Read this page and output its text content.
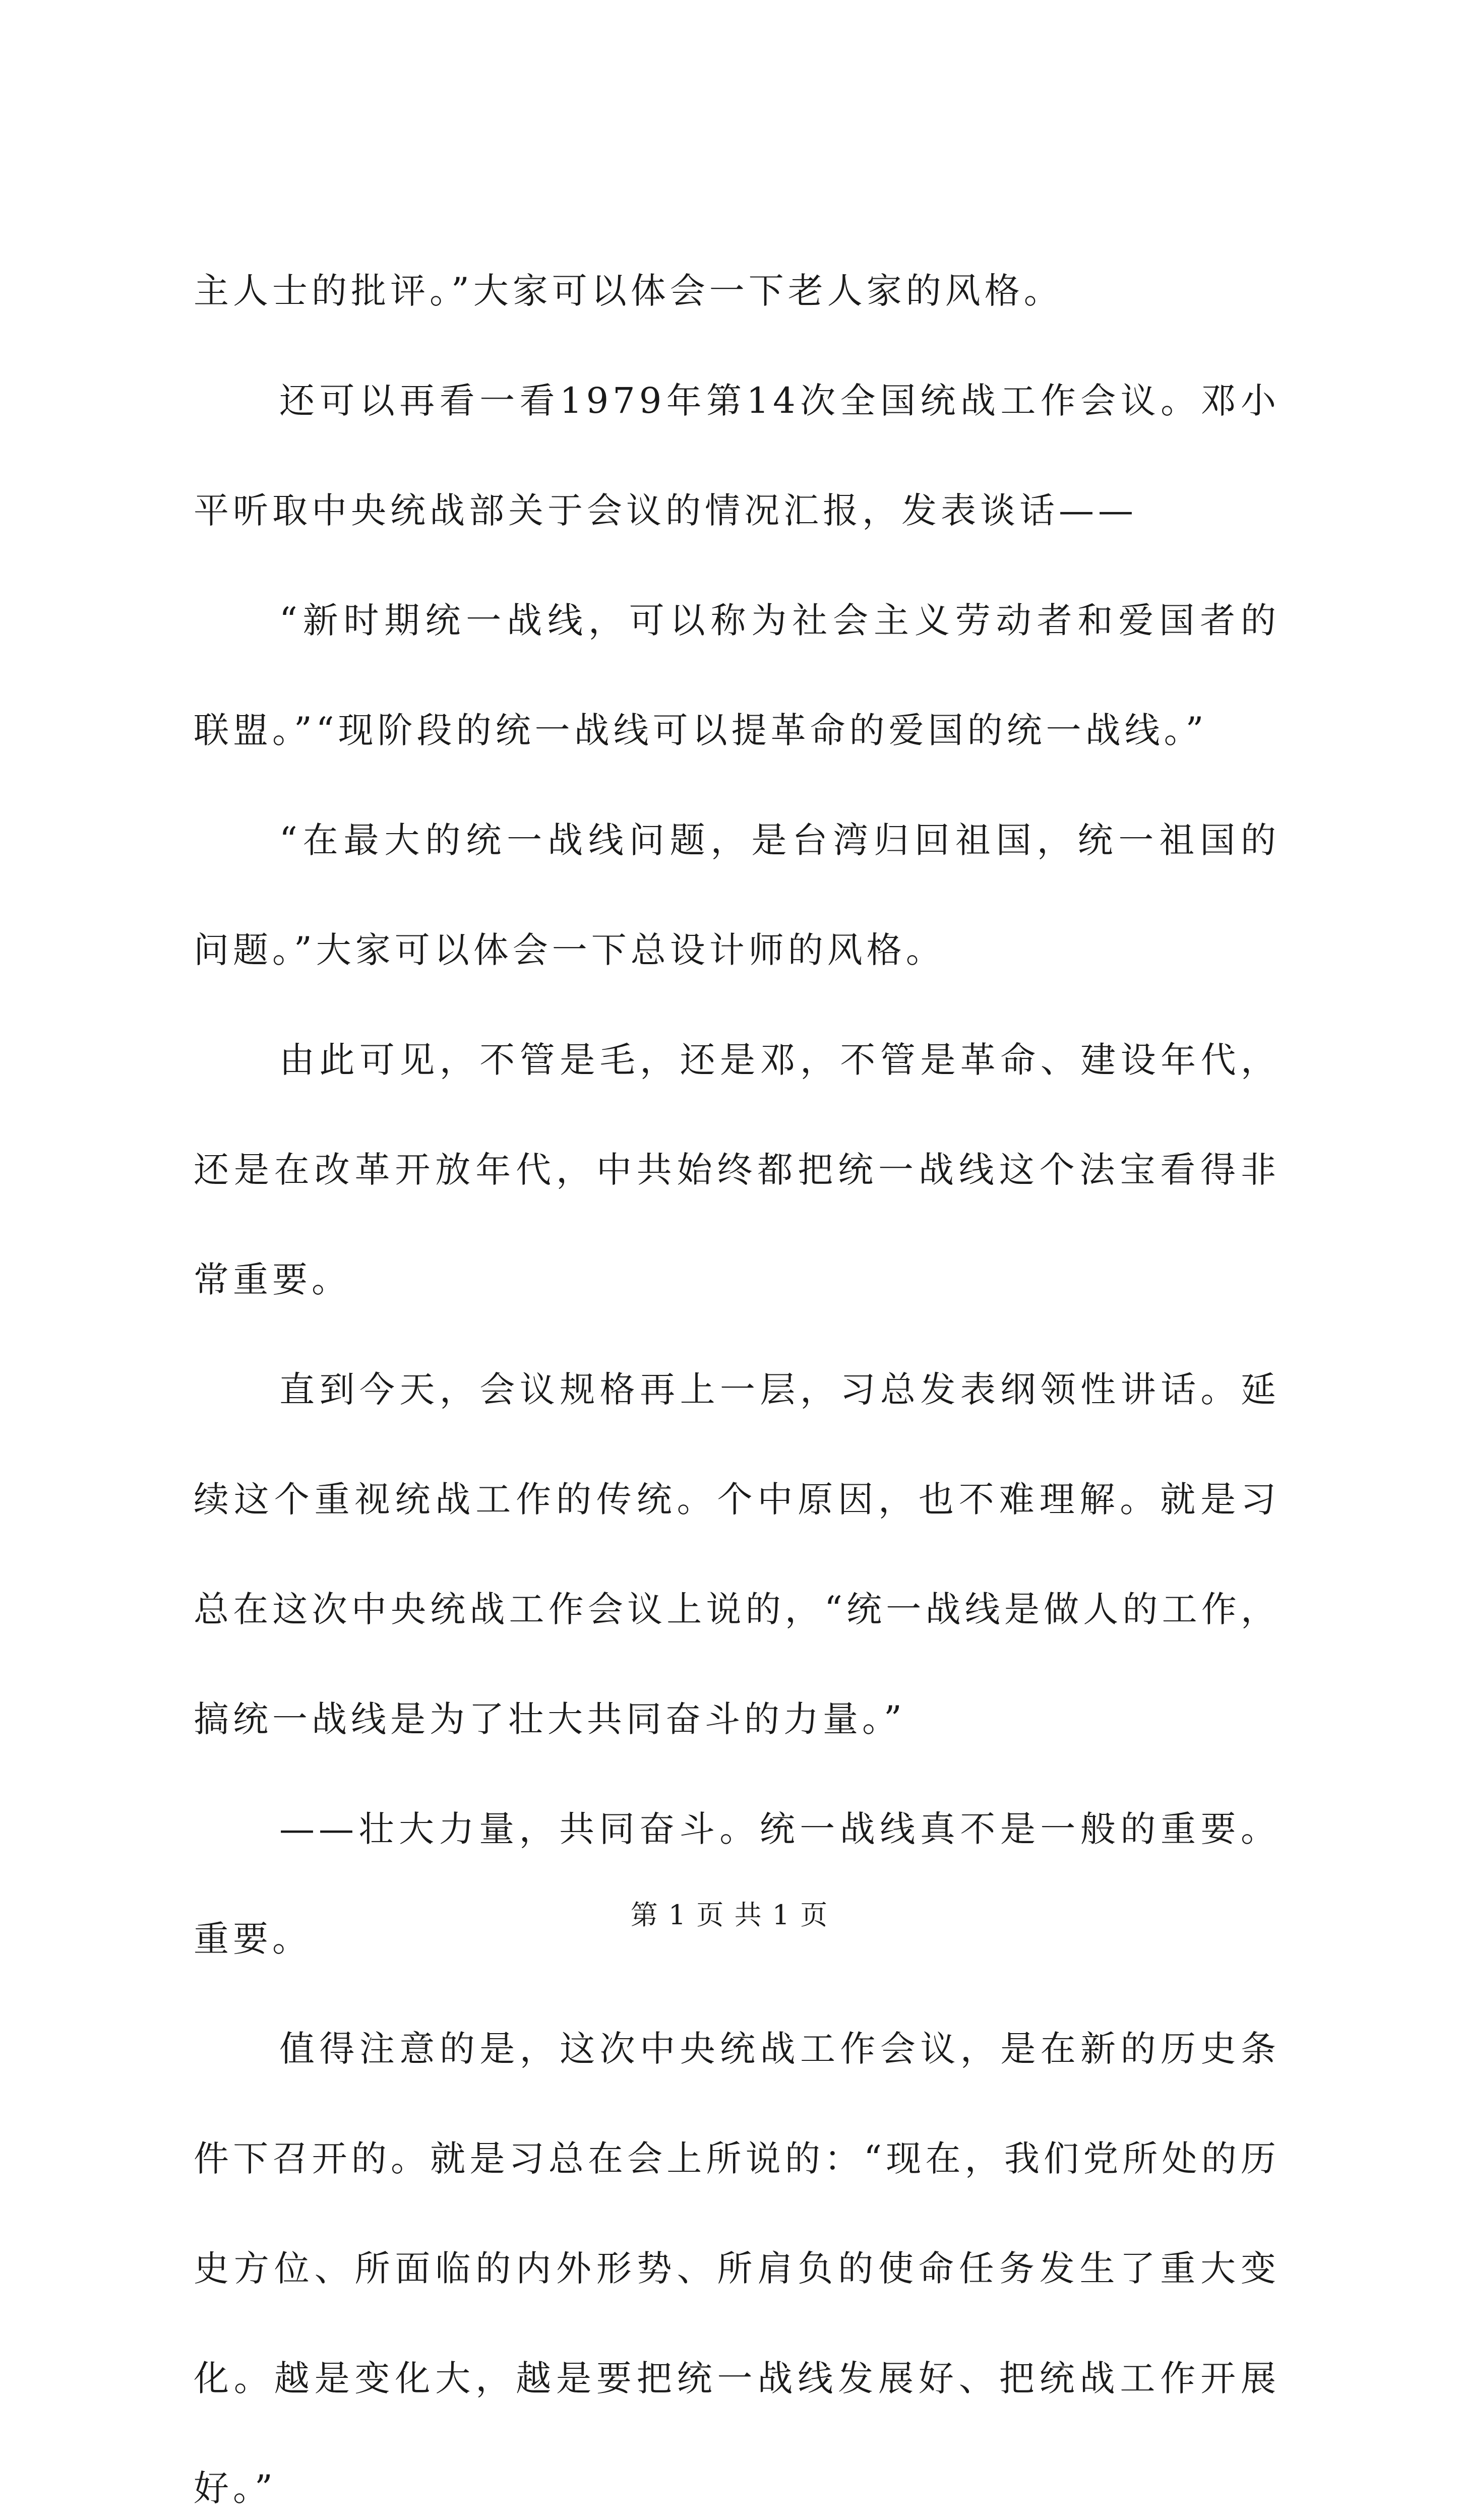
主人士的批评。”大家可以体会一下老人家的风格。

还可以再看一看1979年第14次全国统战工作会议。邓小平听取中央统战部关于会议的情况汇报，发表谈话——

“新时期统一战线，可以称为社会主义劳动者和爱国者的联盟。”“现阶段的统一战线可以提革命的爱国的统一战线。”

“在最大的统一战线问题，是台湾归回祖国，统一祖国的问题。”大家可以体会一下总设计师的风格。

由此可见，不管是毛，还是邓，不管是革命、建设年代，还是在改革开放年代，中共始终都把统一战线这个法宝看得非常重要。

直到今天，会议规格再上一层，习总发表纲领性讲话。延续这个重视统战工作的传统。个中原因，也不难理解。就是习总在这次中央统战工作会议上说的，“统一战线是做人的工作，搞统一战线是为了壮大共同奋斗的力量。”

——壮大力量，共同奋斗。统一战线真不是一般的重要。重要。

值得注意的是，这次中央统战工作会议，是在新的历史条件下召开的。就是习总在会上所说的：“现在，我们党所处的历史方位、所面临的内外形势、所肩负的使命任务发生了重大变化。越是变化大，越是要把统一战线发展好、把统战工作开展好。”

第 1 页 共 1 页
